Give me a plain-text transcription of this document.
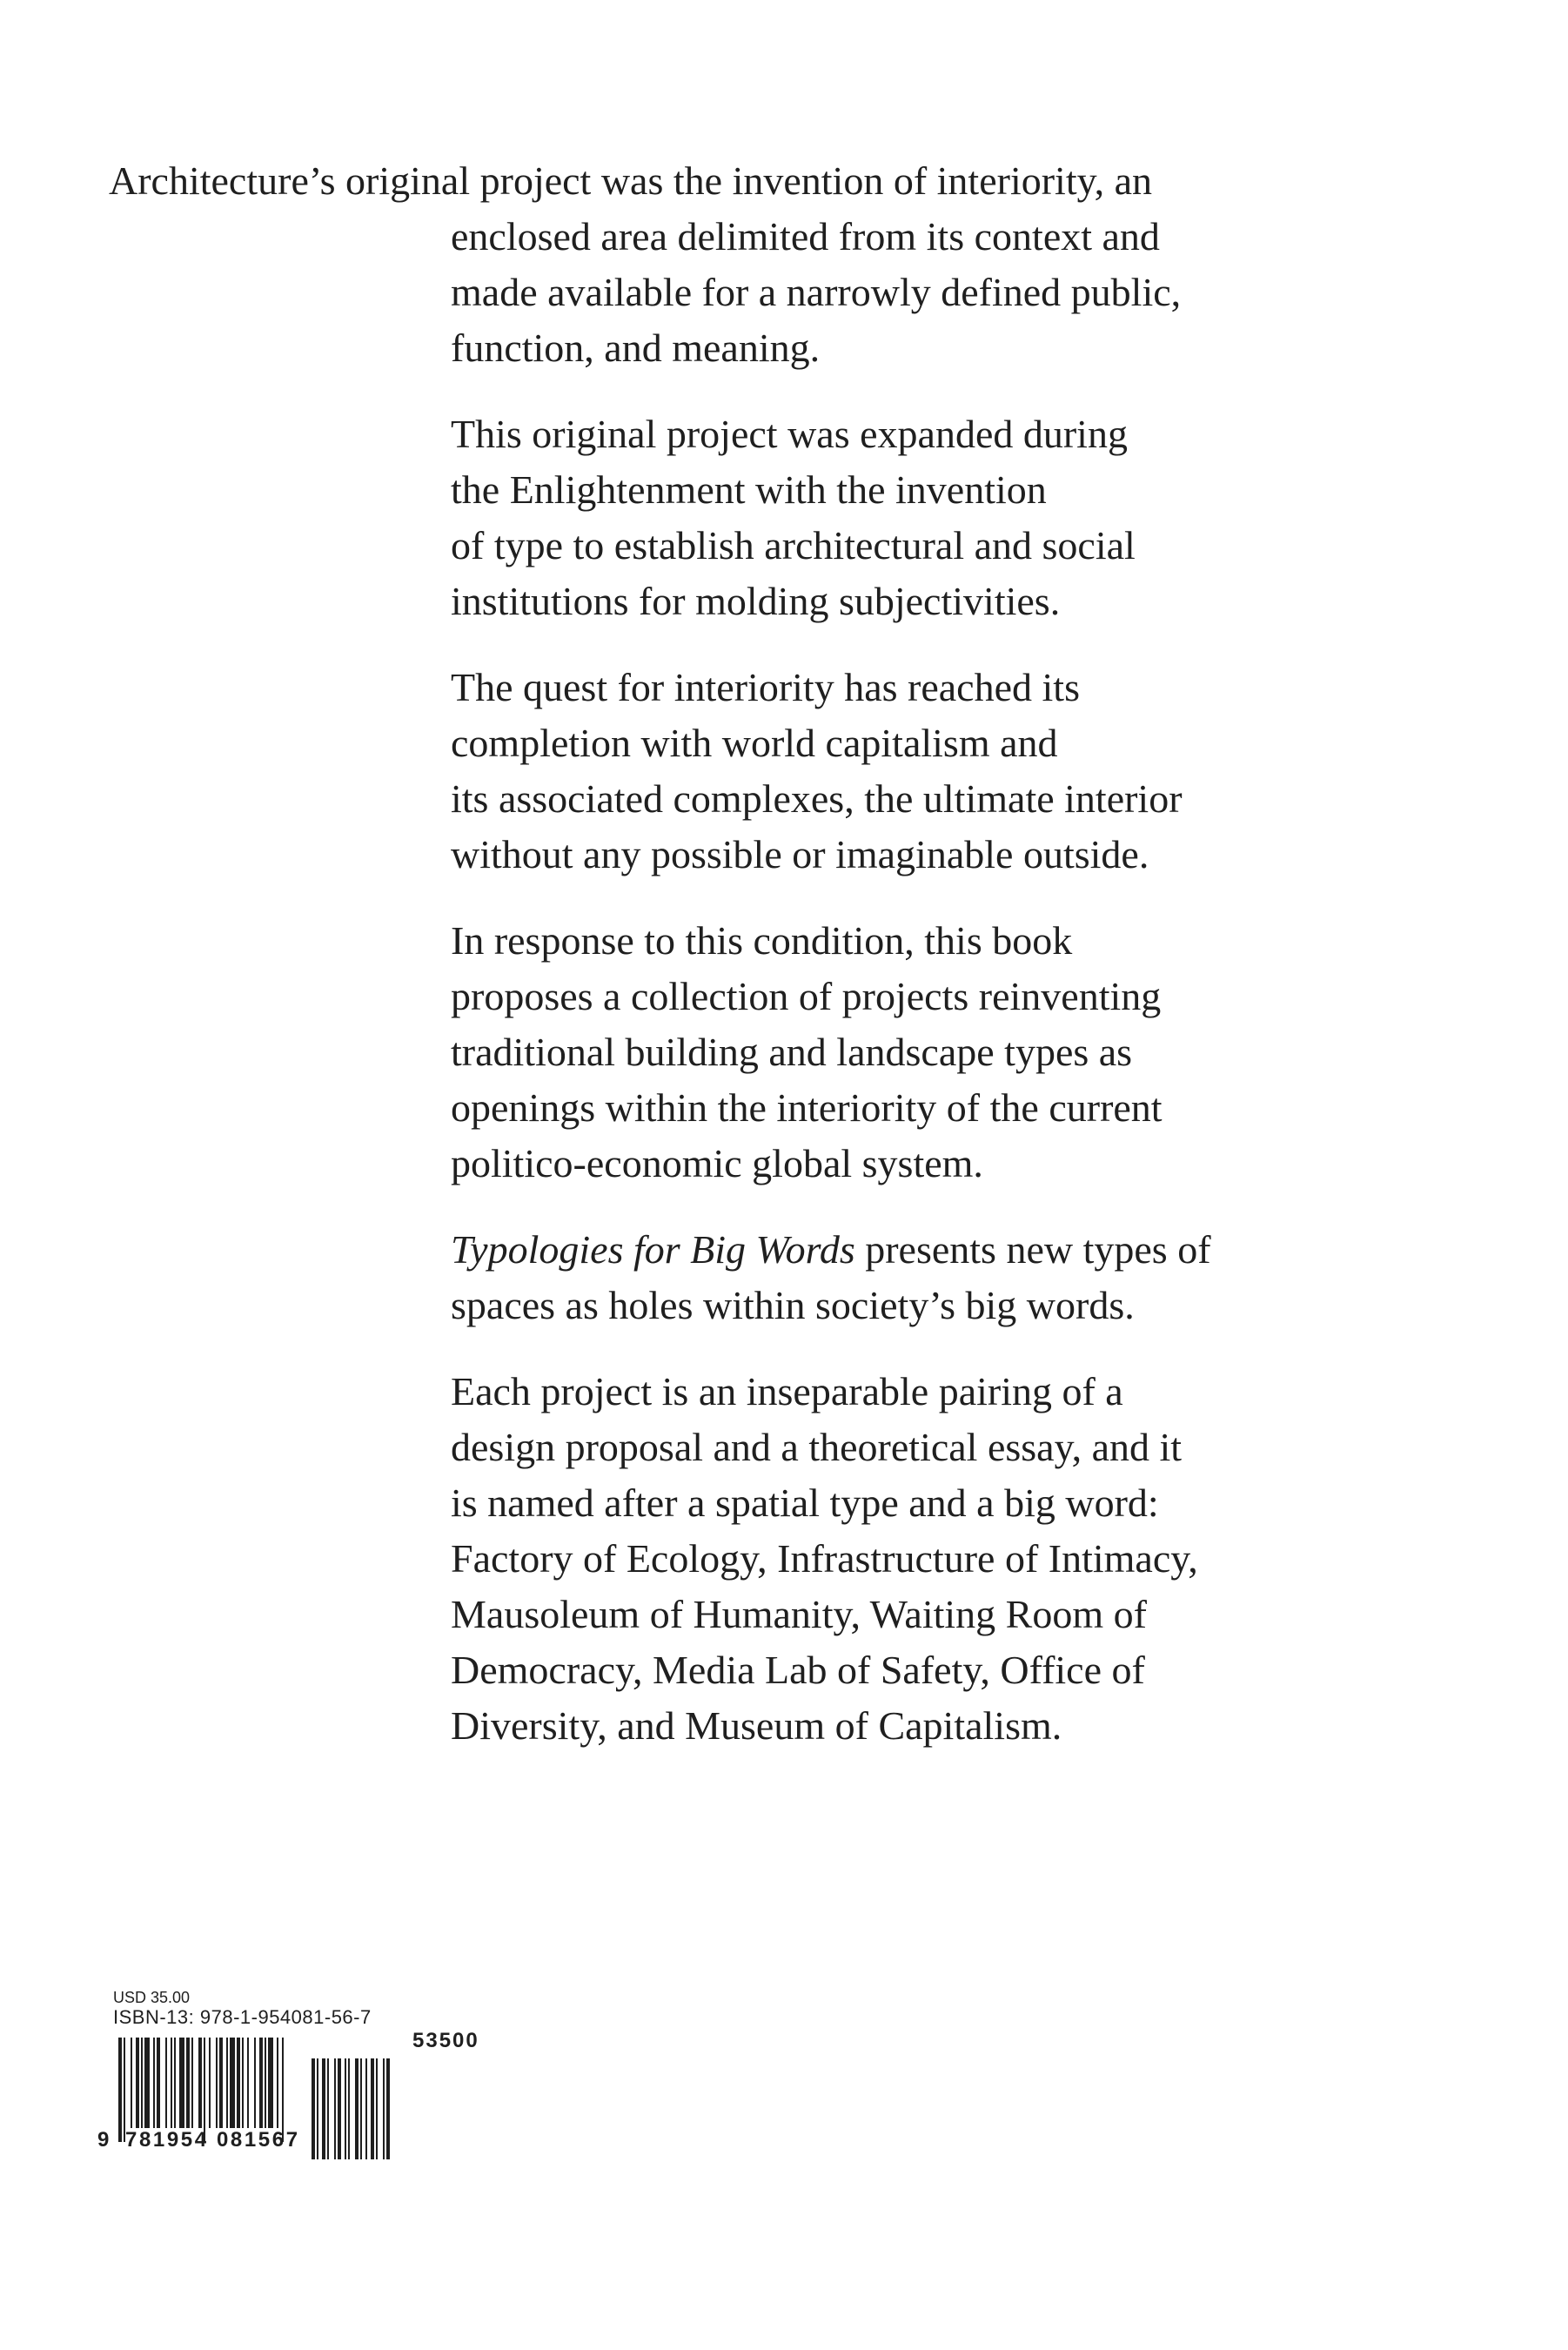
Architecture’s original project was the invention of interiority, an
enclosed area delimited from its context and
made available for a narrowly defined public,
function, and meaning.
This original project was expanded during
the Enlightenment with the invention
of type to establish architectural and social
institutions for molding subjectivities.
The quest for interiority has reached its
completion with world capitalism and
its associated complexes, the ultimate interior
without any possible or imaginable outside.
In response to this condition, this book
proposes a collection of projects reinventing
traditional building and landscape types as
openings within the interiority of the current
politico-economic global system.
Typologies for Big Words presents new types of
spaces as holes within society’s big words.
Each project is an inseparable pairing of a
design proposal and a theoretical essay, and it
is named after a spatial type and a big word:
Factory of Ecology, Infrastructure of Intimacy,
Mausoleum of Humanity, Waiting Room of
Democracy, Media Lab of Safety, Office of
Diversity, and Museum of Capitalism.
USD 35.00
ISBN-13: 978-1-954081-56-7
9 781954 081567
53500
